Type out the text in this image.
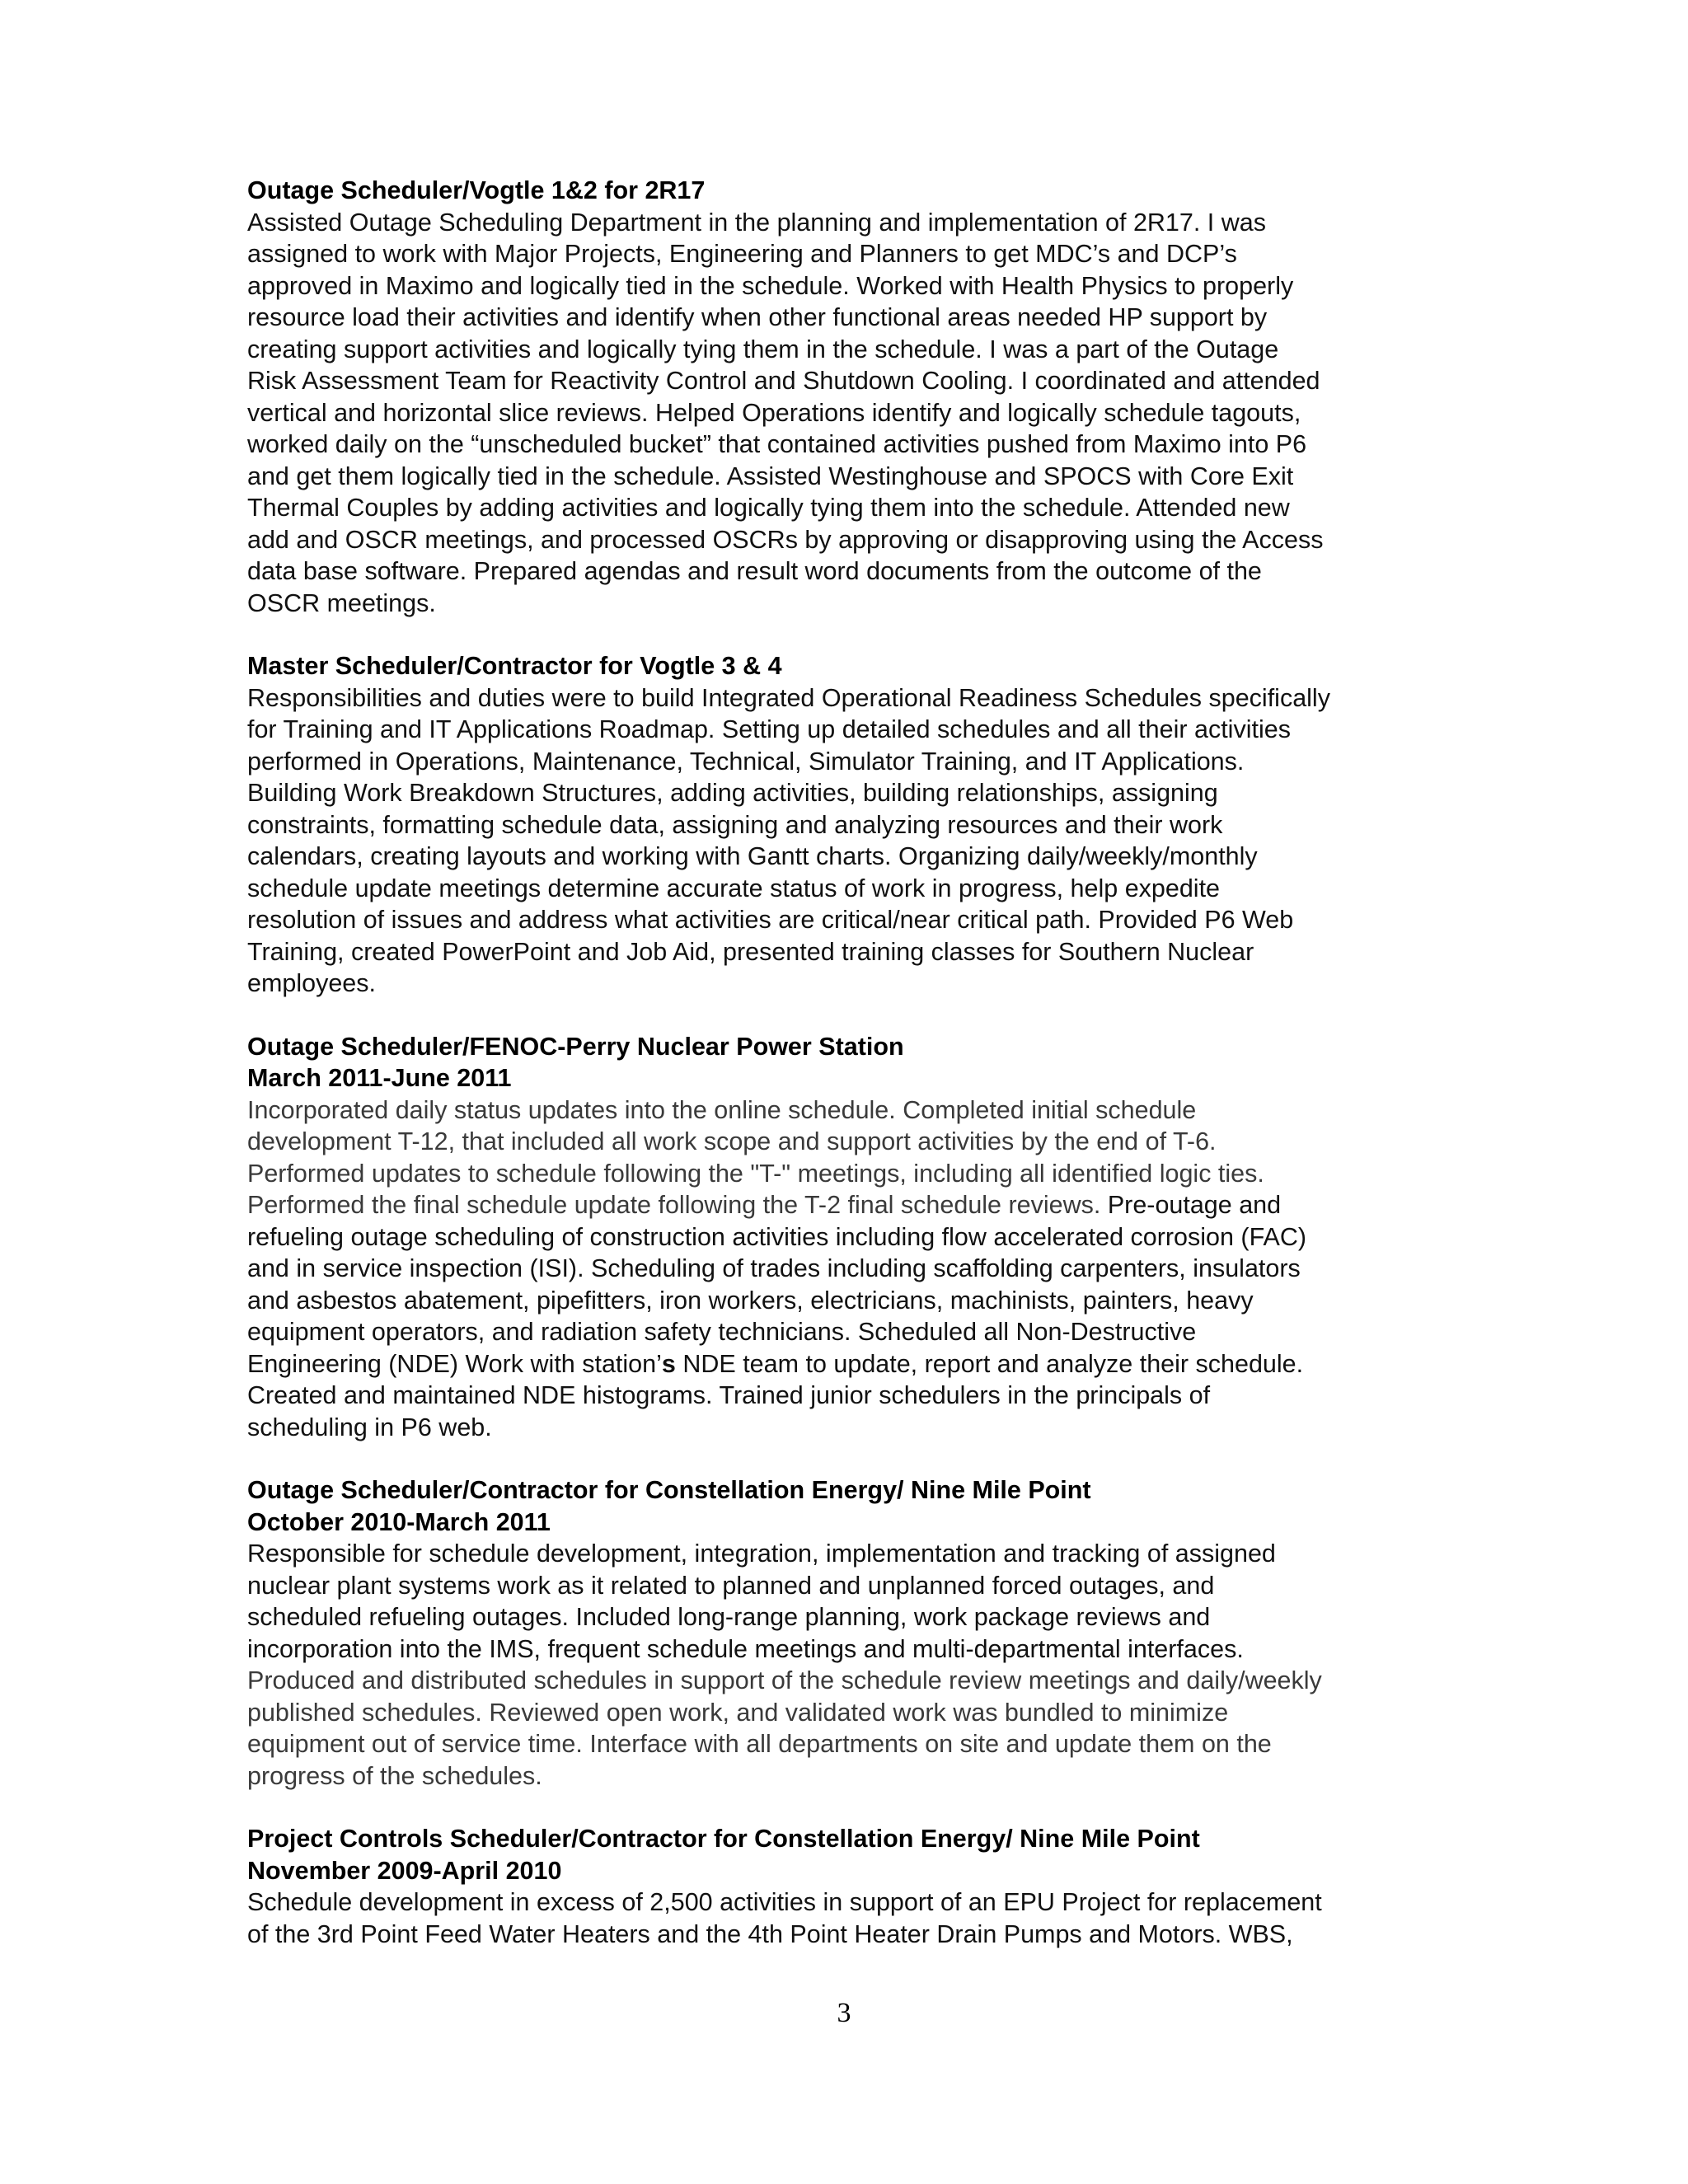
Outage Scheduler/Vogtle 1&2 for 2R17
Assisted Outage Scheduling Department in the planning and implementation of 2R17. I was
assigned to work with Major Projects, Engineering and Planners to get MDC’s and DCP’s
approved in Maximo and logically tied in the schedule. Worked with Health Physics to properly
resource load their activities and identify when other functional areas needed HP support by
creating support activities and logically tying them in the schedule. I was a part of the Outage
Risk Assessment Team for Reactivity Control and Shutdown Cooling. I coordinated and attended
vertical and horizontal slice reviews. Helped Operations identify and logically schedule tagouts,
worked daily on the “unscheduled bucket” that contained activities pushed from Maximo into P6
and get them logically tied in the schedule. Assisted Westinghouse and SPOCS with Core Exit
Thermal Couples by adding activities and logically tying them into the schedule. Attended new
add and OSCR meetings, and processed OSCRs by approving or disapproving using the Access
data base software. Prepared agendas and result word documents from the outcome of the
OSCR meetings.
Master Scheduler/Contractor for Vogtle 3 & 4
Responsibilities and duties were to build Integrated Operational Readiness Schedules specifically
for Training and IT Applications Roadmap. Setting up detailed schedules and all their activities
performed in Operations, Maintenance, Technical, Simulator Training, and IT Applications.
Building Work Breakdown Structures, adding activities, building relationships, assigning
constraints, formatting schedule data, assigning and analyzing resources and their work
calendars, creating layouts and working with Gantt charts. Organizing daily/weekly/monthly
schedule update meetings determine accurate status of work in progress, help expedite
resolution of issues and address what activities are critical/near critical path. Provided P6 Web
Training, created PowerPoint and Job Aid, presented training classes for Southern Nuclear
employees.
Outage Scheduler/FENOC-Perry Nuclear Power Station
March 2011-June 2011
Incorporated daily status updates into the online schedule. Completed initial schedule
development T-12, that included all work scope and support activities by the end of T-6.
Performed updates to schedule following the "T-" meetings, including all identified logic ties.
Performed the final schedule update following the T-2 final schedule reviews. Pre-outage and
refueling outage scheduling of construction activities including flow accelerated corrosion (FAC)
and in service inspection (ISI). Scheduling of trades including scaffolding carpenters, insulators
and asbestos abatement, pipefitters, iron workers, electricians, machinists, painters, heavy
equipment operators, and radiation safety technicians. Scheduled all Non-Destructive
Engineering (NDE) Work with station’s NDE team to update, report and analyze their schedule.
Created and maintained NDE histograms. Trained junior schedulers in the principals of
scheduling in P6 web.
Outage Scheduler/Contractor for Constellation Energy/ Nine Mile Point
October 2010-March 2011
Responsible for schedule development, integration, implementation and tracking of assigned
nuclear plant systems work as it related to planned and unplanned forced outages, and
scheduled refueling outages. Included long-range planning, work package reviews and
incorporation into the IMS, frequent schedule meetings and multi-departmental interfaces.
Produced and distributed schedules in support of the schedule review meetings and daily/weekly
published schedules. Reviewed open work, and validated work was bundled to minimize
equipment out of service time. Interface with all departments on site and update them on the
progress of the schedules.
Project Controls Scheduler/Contractor for Constellation Energy/ Nine Mile Point
November 2009-April 2010
Schedule development in excess of 2,500 activities in support of an EPU Project for replacement
of the 3rd Point Feed Water Heaters and the 4th Point Heater Drain Pumps and Motors. WBS,
3
